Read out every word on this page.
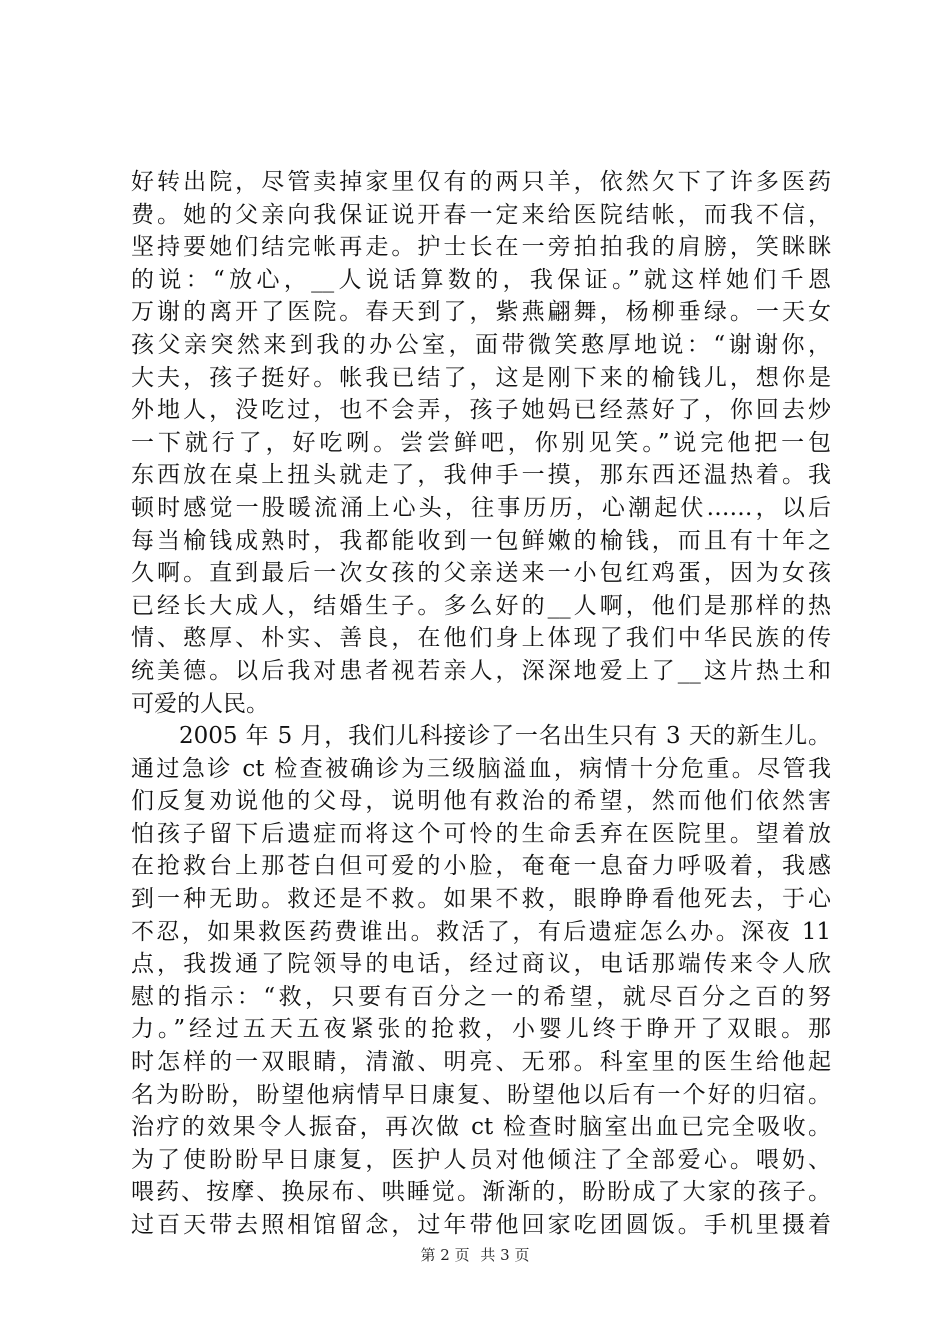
好转出院，尽管卖掉家里仅有的两只羊，依然欠下了许多医药
费。她的父亲向我保证说开春一定来给医院结帐，而我不信，
坚持要她们结完帐再走。护士长在一旁拍拍我的肩膀，笑眯眯
的说：“放心，__人说话算数的，我保证。”就这样她们千恩
万谢的离开了医院。春天到了，紫燕翩舞，杨柳垂绿。一天女
孩父亲突然来到我的办公室，面带微笑憨厚地说：“谢谢你，
大夫，孩子挺好。帐我已结了，这是刚下来的榆钱儿，想你是
外地人，没吃过，也不会弄，孩子她妈已经蒸好了，你回去炒
一下就行了，好吃咧。尝尝鲜吧，你别见笑。”说完他把一包
东西放在桌上扭头就走了，我伸手一摸，那东西还温热着。我
顿时感觉一股暖流涌上心头，往事历历，心潮起伏……，以后
每当榆钱成熟时，我都能收到一包鲜嫩的榆钱，而且有十年之
久啊。直到最后一次女孩的父亲送来一小包红鸡蛋，因为女孩
已经长大成人，结婚生子。多么好的__人啊，他们是那样的热
情、憨厚、朴实、善良，在他们身上体现了我们中华民族的传
统美德。以后我对患者视若亲人，深深地爱上了__这片热土和
可爱的人民。
2005 年 5 月，我们儿科接诊了一名出生只有 3 天的新生儿。
通过急诊 ct 检查被确诊为三级脑溢血，病情十分危重。尽管我
们反复劝说他的父母，说明他有救治的希望，然而他们依然害
怕孩子留下后遗症而将这个可怜的生命丢弃在医院里。望着放
在抢救台上那苍白但可爱的小脸，奄奄一息奋力呼吸着，我感
到一种无助。救还是不救。如果不救，眼睁睁看他死去，于心
不忍，如果救医药费谁出。救活了，有后遗症怎么办。深夜 11
点，我拨通了院领导的电话，经过商议，电话那端传来令人欣
慰的指示：“救，只要有百分之一的希望，就尽百分之百的努
力。”经过五天五夜紧张的抢救，小婴儿终于睁开了双眼。那
时怎样的一双眼睛，清澈、明亮、无邪。科室里的医生给他起
名为盼盼，盼望他病情早日康复、盼望他以后有一个好的归宿。
治疗的效果令人振奋，再次做 ct 检查时脑室出血已完全吸收。
为了使盼盼早日康复，医护人员对他倾注了全部爱心。喂奶、
喂药、按摩、换尿布、哄睡觉。渐渐的，盼盼成了大家的孩子。
过百天带去照相馆留念，过年带他回家吃团圆饭。手机里摄着
第 2 页 共 3 页
